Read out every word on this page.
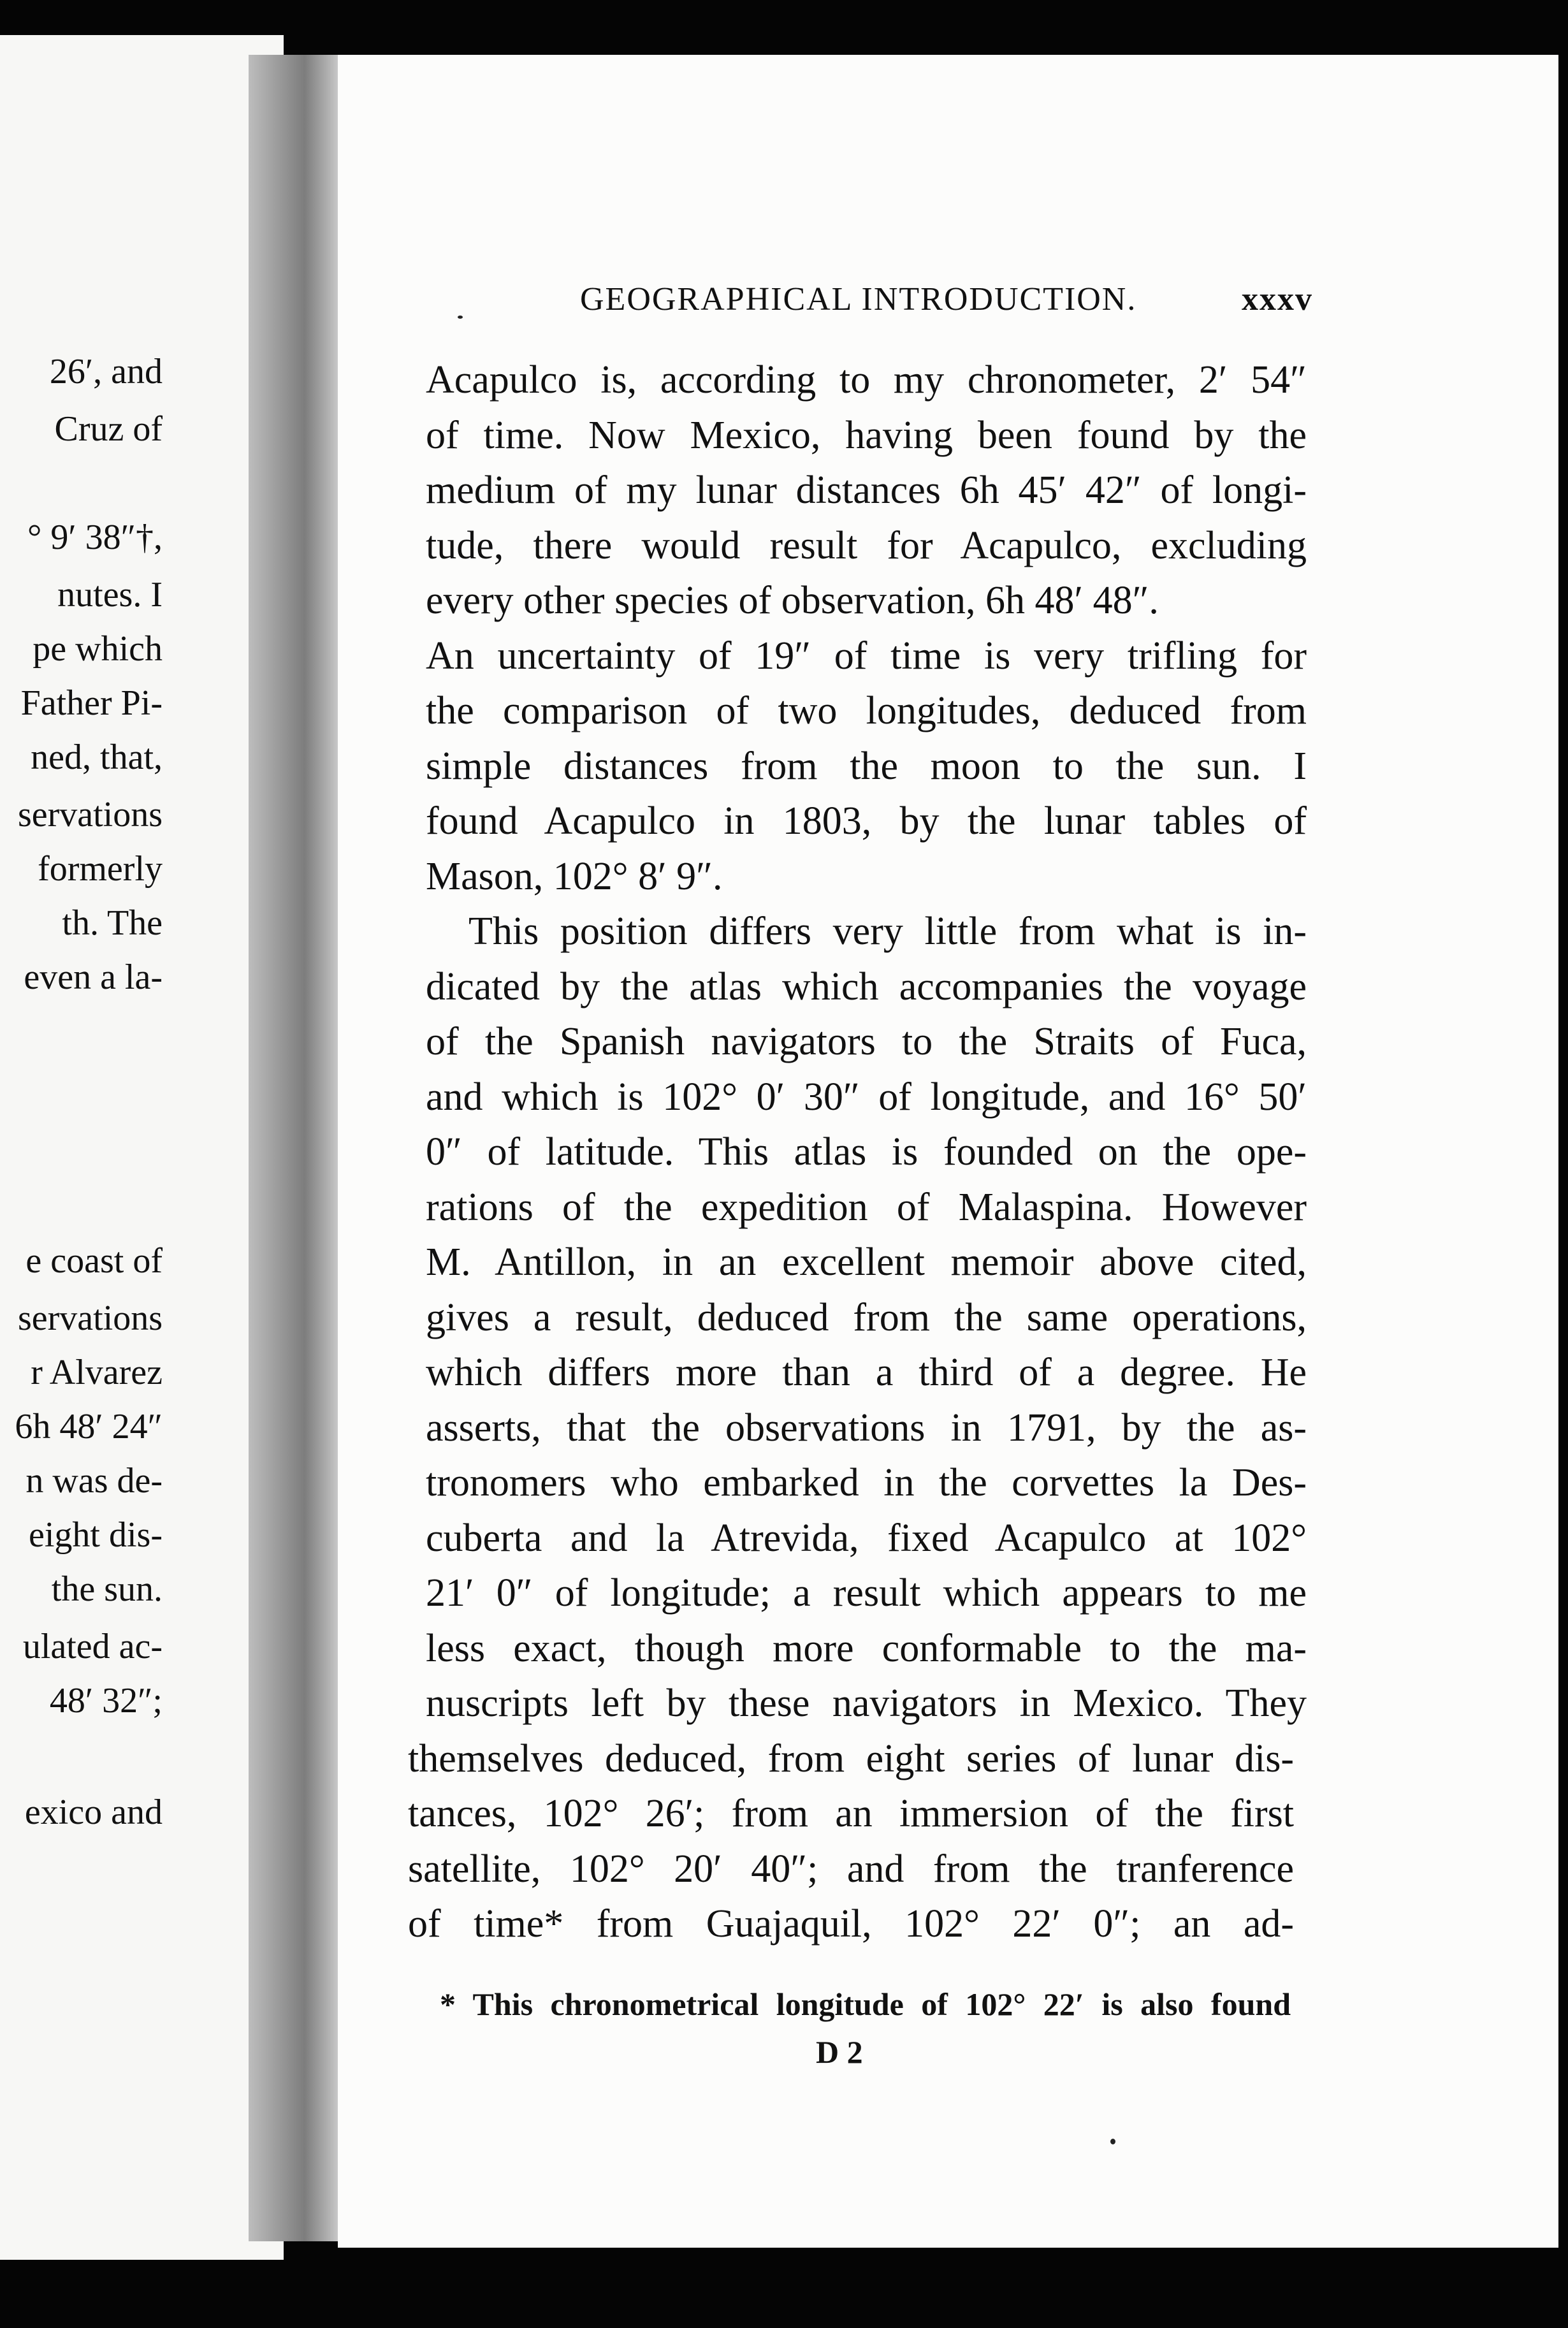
26′, and
Cruz of
° 9′ 38″†,
nutes. I
pe which
Father Pi-
ned, that,
servations
formerly
th. The
even a la-
e coast of
servations
r Alvarez
6h 48′ 24″
n was de-
eight dis-
the sun.
ulated ac-
48′ 32″;
exico and
GEOGRAPHICAL INTRODUCTION.	xxxv
Acapulco is, according to my chronometer, 2′ 54″
of time. Now Mexico, having been found by the
medium of my lunar distances 6h 45′ 42″ of longi-
tude, there would result for Acapulco, excluding
every other species of observation, 6h 48′ 48″.
An uncertainty of 19″ of time is very trifling for
the comparison of two longitudes, deduced from
simple distances from the moon to the sun. I
found Acapulco in 1803, by the lunar tables of
Mason, 102° 8′ 9″.
This position differs very little from what is in-
dicated by the atlas which accompanies the voyage
of the Spanish navigators to the Straits of Fuca,
and which is 102° 0′ 30″ of longitude, and 16° 50′
0″ of latitude. This atlas is founded on the ope-
rations of the expedition of Malaspina. However
M. Antillon, in an excellent memoir above cited,
gives a result, deduced from the same operations,
which differs more than a third of a degree. He
asserts, that the observations in 1791, by the as-
tronomers who embarked in the corvettes la Des-
cuberta and la Atrevida, fixed Acapulco at 102°
21′ 0″ of longitude; a result which appears to me
less exact, though more conformable to the ma-
nuscripts left by these navigators in Mexico. They
themselves deduced, from eight series of lunar dis-
tances, 102° 26′; from an immersion of the first
satellite, 102° 20′ 40″; and from the tranference
of time* from Guajaquil, 102° 22′ 0″; an ad-
* This chronometrical longitude of 102° 22′ is also found
D 2
